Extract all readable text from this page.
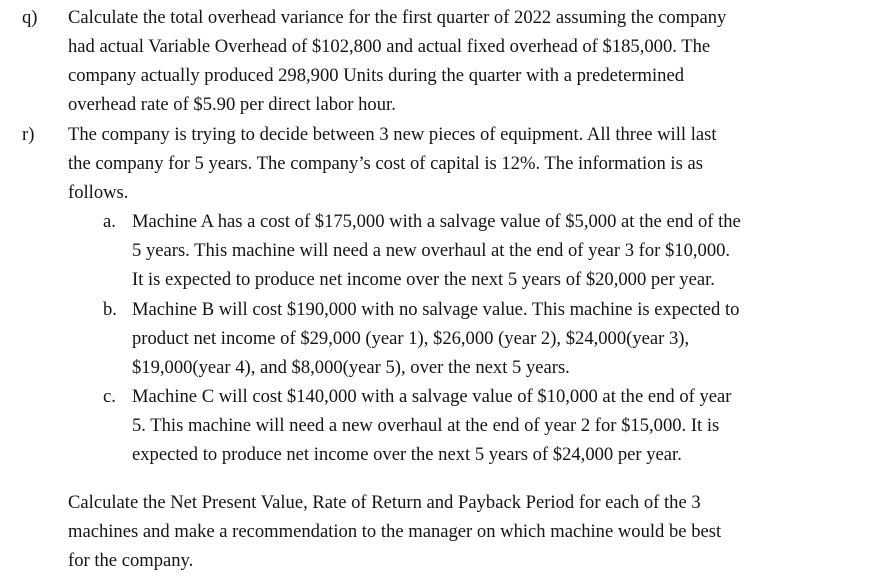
q) Calculate the total overhead variance for the first quarter of 2022 assuming the company
had actual Variable Overhead of $102,800 and actual fixed overhead of $185,000. The
company actually produced 298,900 Units during the quarter with a predetermined
overhead rate of $5.90 per direct labor hour.
r) The company is trying to decide between 3 new pieces of equipment. All three will last
the company for 5 years. The company’s cost of capital is 12%. The information is as
follows.
a. Machine A has a cost of $175,000 with a salvage value of $5,000 at the end of the
5 years. This machine will need a new overhaul at the end of year 3 for $10,000.
It is expected to produce net income over the next 5 years of $20,000 per year.
b. Machine B will cost $190,000 with no salvage value. This machine is expected to
product net income of $29,000 (year 1), $26,000 (year 2), $24,000(year 3),
$19,000(year 4), and $8,000(year 5), over the next 5 years.
c. Machine C will cost $140,000 with a salvage value of $10,000 at the end of year
5. This machine will need a new overhaul at the end of year 2 for $15,000. It is
expected to produce net income over the next 5 years of $24,000 per year.
Calculate the Net Present Value, Rate of Return and Payback Period for each of the 3
machines and make a recommendation to the manager on which machine would be best
for the company.
